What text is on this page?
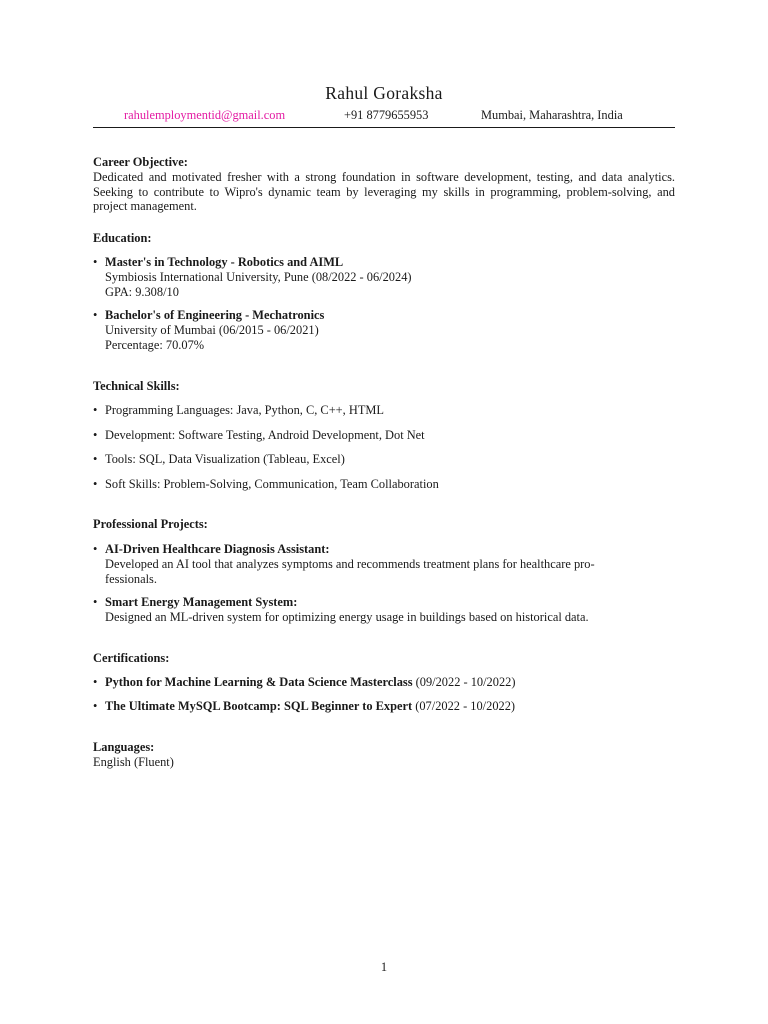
Rahul Goraksha
rahulemploymentid@gmail.com	+91 8779655953	Mumbai, Maharashtra, India

Career Objective:

Dedicated and motivated fresher with a strong foundation in software development, testing, and data analytics. Seeking to contribute to Wipro's dynamic team by leveraging my skills in programming, problem-solving, and project management.

Education:

• Master's in Technology - Robotics and AIML
Symbiosis International University, Pune (08/2022 - 06/2024)
GPA: 9.308/10
• Bachelor's of Engineering - Mechatronics
University of Mumbai (06/2015 - 06/2021)
Percentage: 70.07%

Technical Skills:

• Programming Languages: Java, Python, C, C++, HTML
• Development: Software Testing, Android Development, Dot Net
• Tools: SQL, Data Visualization (Tableau, Excel)
• Soft Skills: Problem-Solving, Communication, Team Collaboration

Professional Projects:

• AI-Driven Healthcare Diagnosis Assistant:
Developed an AI tool that analyzes symptoms and recommends treatment plans for healthcare pro-
fessionals.
• Smart Energy Management System:
Designed an ML-driven system for optimizing energy usage in buildings based on historical data.

Certifications:

• Python for Machine Learning & Data Science Masterclass (09/2022 - 10/2022)
• The Ultimate MySQL Bootcamp: SQL Beginner to Expert (07/2022 - 10/2022)

Languages:

English (Fluent)

1
